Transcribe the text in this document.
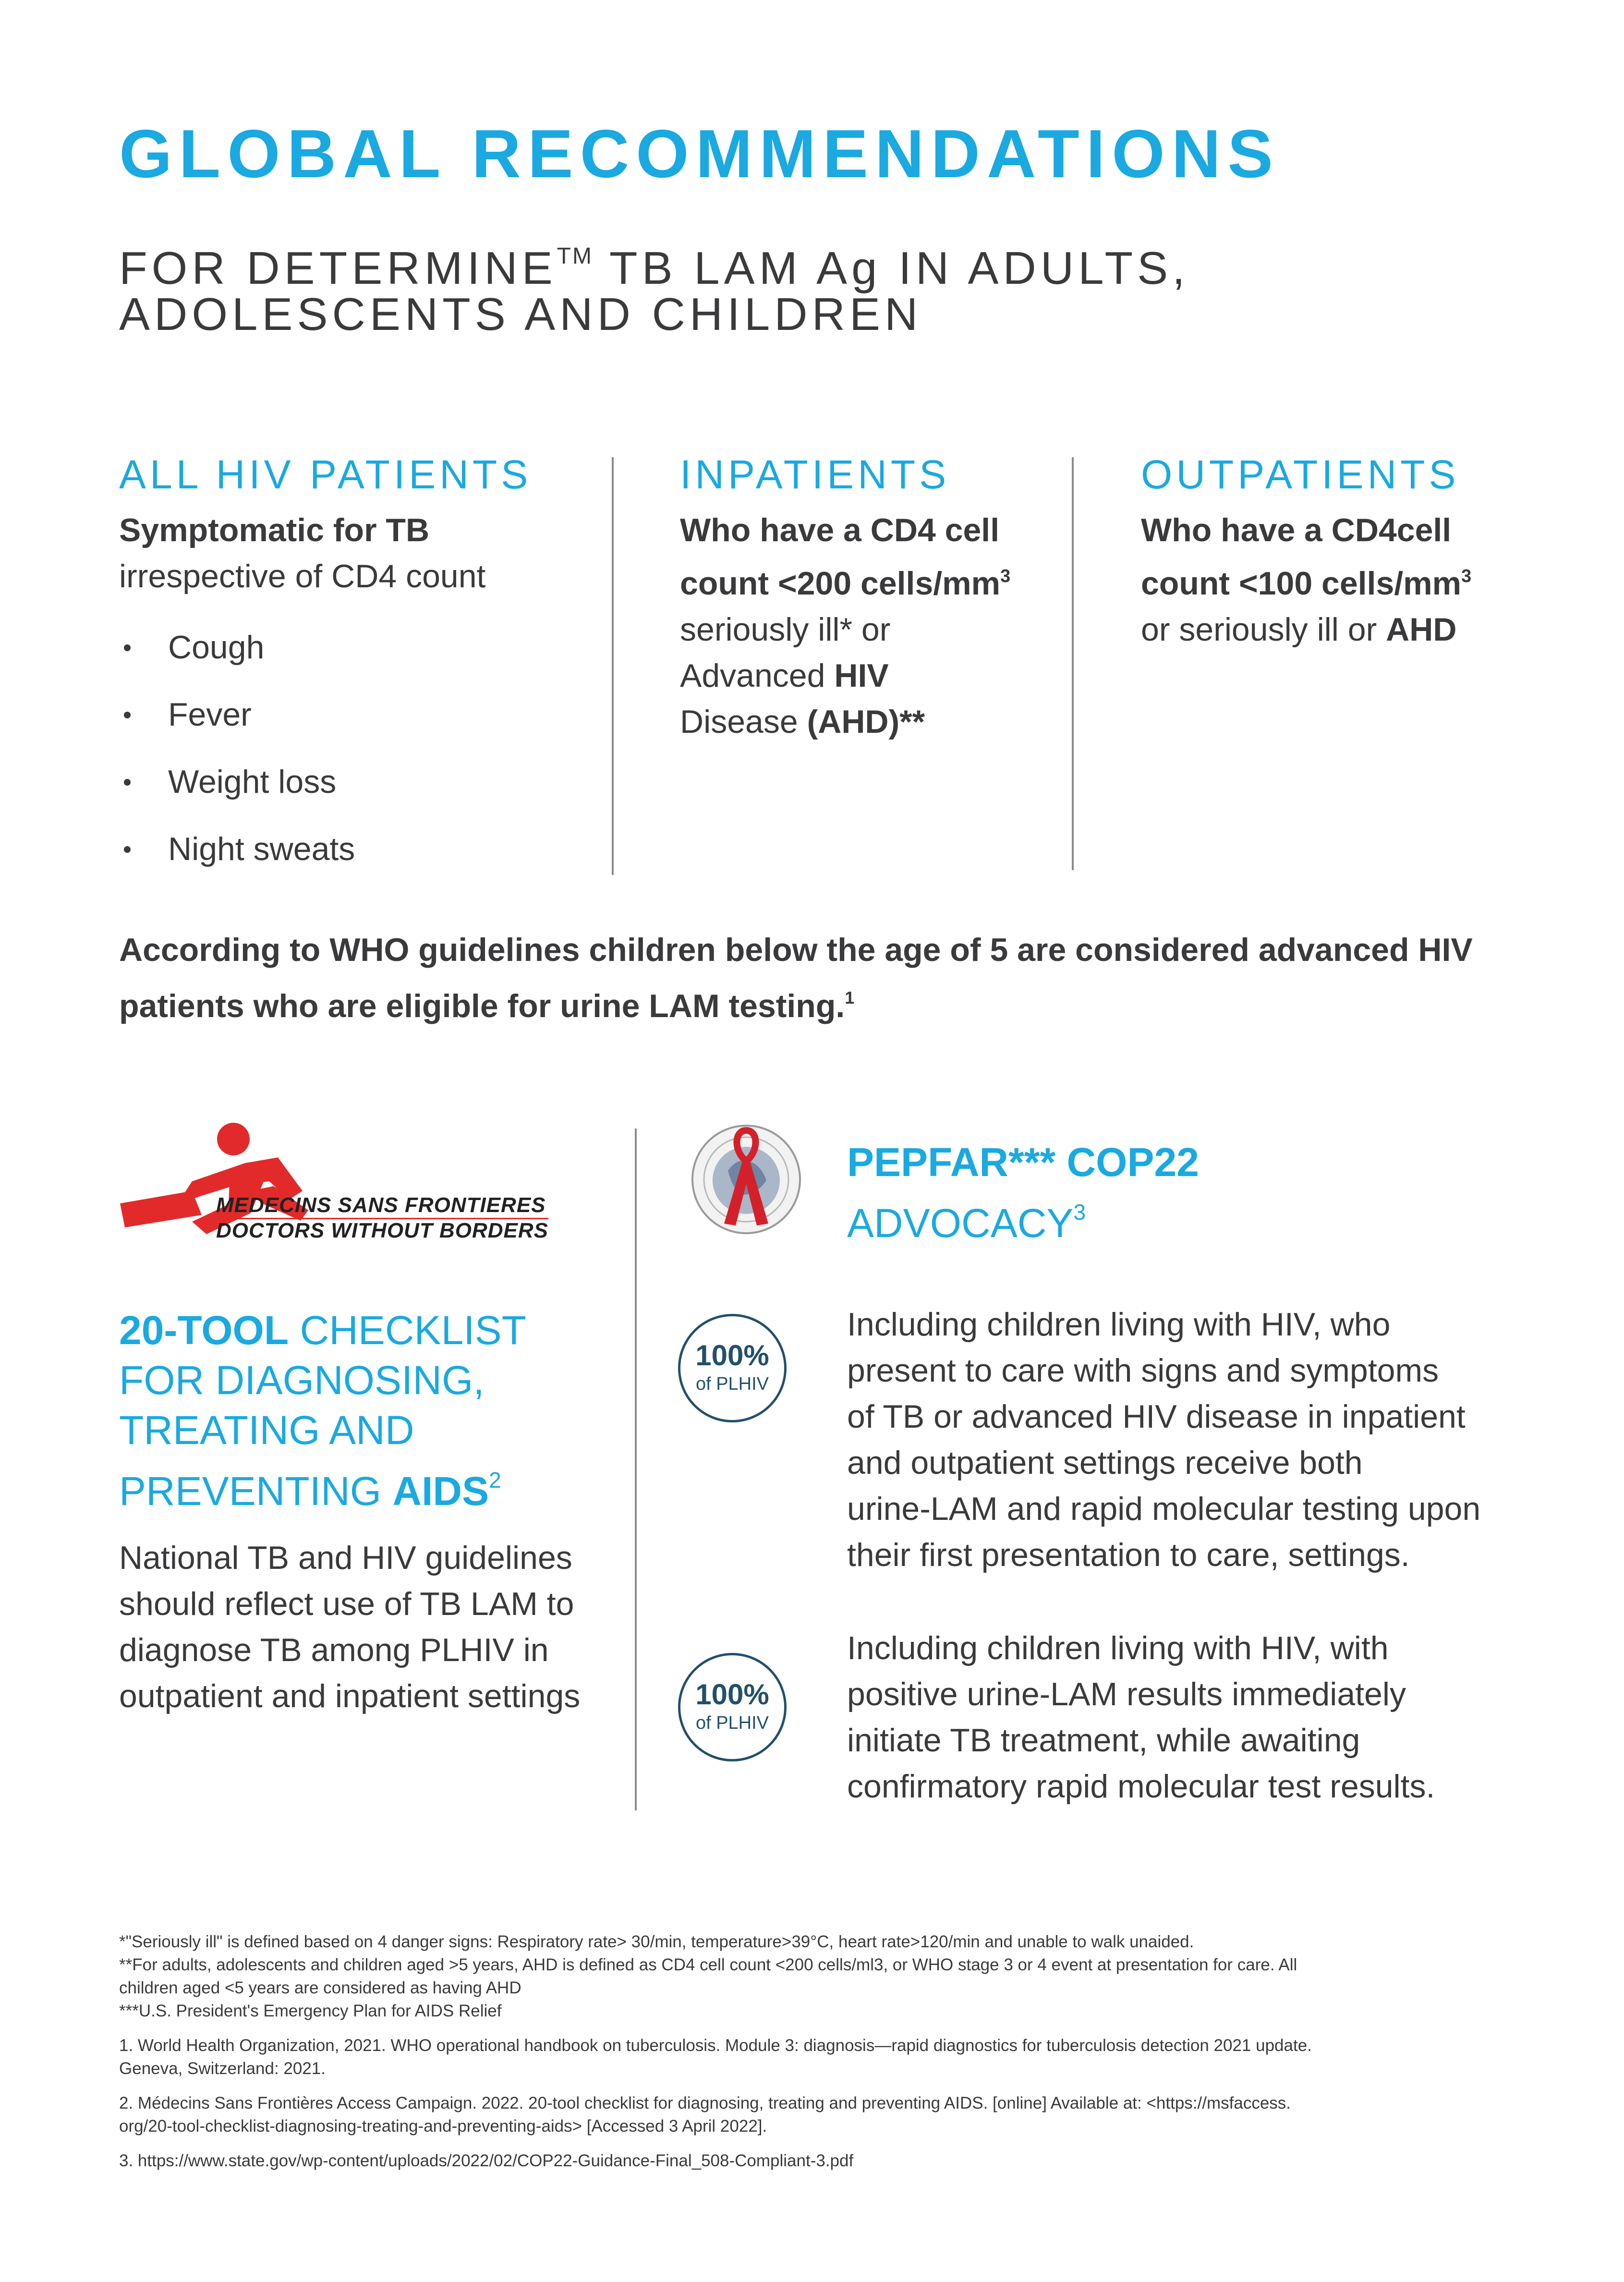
GLOBAL RECOMMENDATIONS
FOR DETERMINE™ TB LAM Ag IN ADULTS,
ADOLESCENTS AND CHILDREN
ALL HIV PATIENTS
Symptomatic for TB
irrespective of CD4 count
Cough
Fever
Weight loss
Night sweats
INPATIENTS
Who have a CD4 cell
count <200 cells/$mm^3$
seriously ill* or
Advanced HIV
Disease (AHD)**
OUTPATIENTS
Who have a CD4cell
count <100 cells/$mm^3$
or seriously ill or AHD
According to WHO guidelines children below the age of 5 are considered advanced HIV
patients who are eligible for urine LAM testing.$^1$
MEDECINS SANS FRONTIERES
DOCTORS WITHOUT BORDERS
20-TOOL CHECKLIST
FOR DIAGNOSING,
TREATING AND
PREVENTING AIDS$^2$
National TB and HIV guidelines
should reflect use of TB LAM to
diagnose TB among PLHIV in
outpatient and inpatient settings
PEPFAR*** COP22
ADVOCACY$^3$
100%
of PLHIV
Including children living with HIV, who
present to care with signs and symptoms
of TB or advanced HIV disease in inpatient
and outpatient settings receive both
urine-LAM and rapid molecular testing upon
their first presentation to care, settings.
100%
of PLHIV
Including children living with HIV, with
positive urine-LAM results immediately
initiate TB treatment, while awaiting
confirmatory rapid molecular test results.
*"Seriously ill" is defined based on 4 danger signs: Respiratory rate> 30/min, temperature>39°C, heart rate>120/min and unable to walk unaided.
**For adults, adolescents and children aged >5 years, AHD is defined as CD4 cell count <200 cells/ml3, or WHO stage 3 or 4 event at presentation for care. All
children aged <5 years are considered as having AHD
***U.S. President's Emergency Plan for AIDS Relief
1. World Health Organization, 2021. WHO operational handbook on tuberculosis. Module 3: diagnosis—rapid diagnostics for tuberculosis detection 2021 update.
Geneva, Switzerland: 2021.
2. Médecins Sans Frontières Access Campaign. 2022. 20-tool checklist for diagnosing, treating and preventing AIDS. [online] Available at: <https://msfaccess.
org/20-tool-checklist-diagnosing-treating-and-preventing-aids> [Accessed 3 April 2022].
3. https://www.state.gov/wp-content/uploads/2022/02/COP22-Guidance-Final_508-Compliant-3.pdf
